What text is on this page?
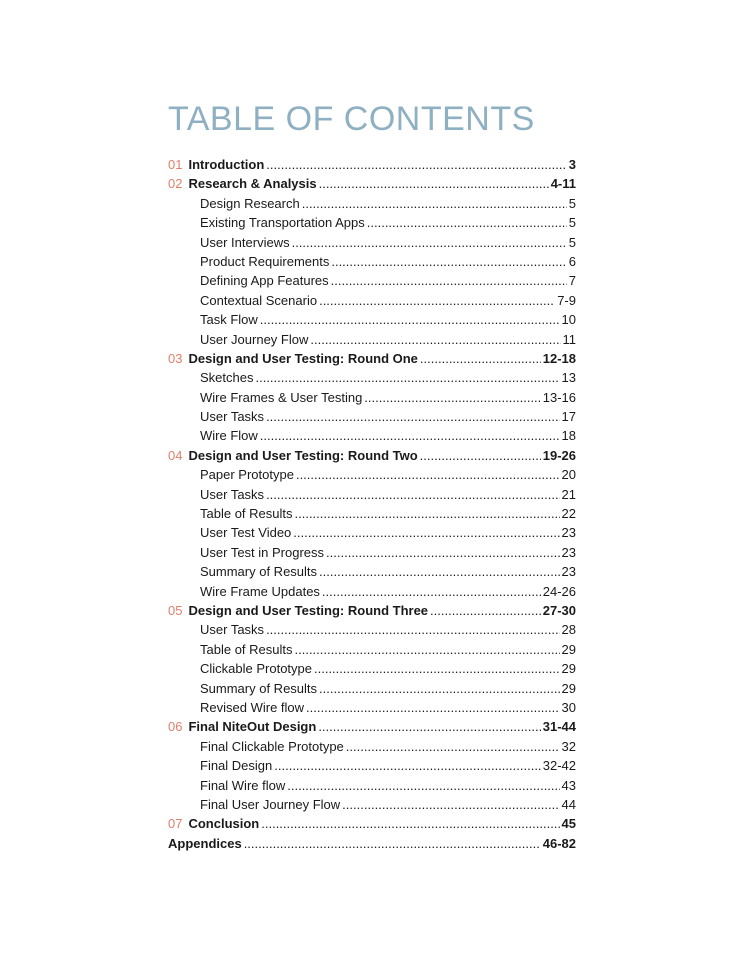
TABLE OF CONTENTS
01 Introduction .....	3
02 Research & Analysis .....	4-11
Design Research .....	5
Existing Transportation Apps .....	5
User Interviews .....	5
Product Requirements .....	6
Defining App Features .....	7
Contextual Scenario .....	7-9
Task Flow .....	10
User Journey Flow .....	11
03 Design and User Testing: Round One .....	12-18
Sketches .....	13
Wire Frames & User Testing .....	13-16
User Tasks .....	17
Wire Flow .....	18
04 Design and User Testing: Round Two .....	19-26
Paper Prototype .....	20
User Tasks .....	21
Table of Results .....	22
User Test Video .....	23
User Test in Progress .....	23
Summary of Results .....	23
Wire Frame Updates .....	24-26
05 Design and User Testing: Round Three .....	27-30
User Tasks .....	28
Table of Results .....	29
Clickable Prototype .....	29
Summary of Results .....	29
Revised Wire flow .....	30
06 Final NiteOut Design .....	31-44
Final Clickable Prototype .....	32
Final Design .....	32-42
Final Wire flow .....	43
Final User Journey Flow .....	44
07 Conclusion .....	45
Appendices .....	46-82
